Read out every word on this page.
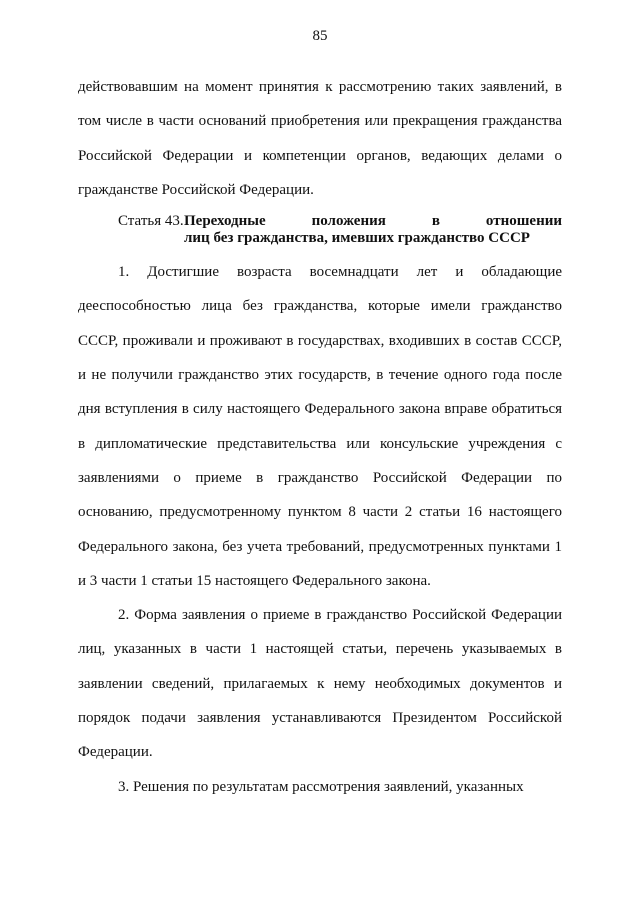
85

действовавшим на момент принятия к рассмотрению таких заявлений, в том числе в части оснований приобретения или прекращения гражданства Российской Федерации и компетенции органов, ведающих делами о гражданстве Российской Федерации.

Статья 43. Переходные положения в отношении
лиц без гражданства, имевших гражданство СССР

1. Достигшие возраста восемнадцати лет и обладающие дееспособностью лица без гражданства, которые имели гражданство СССР, проживали и проживают в государствах, входивших в состав СССР, и не получили гражданство этих государств, в течение одного года после дня вступления в силу настоящего Федерального закона вправе обратиться в дипломатические представительства или консульские учреждения с заявлениями о приеме в гражданство Российской Федерации по основанию, предусмотренному пунктом 8 части 2 статьи 16 настоящего Федерального закона, без учета требований, предусмотренных пунктами 1 и 3 части 1 статьи 15 настоящего Федерального закона.

2. Форма заявления о приеме в гражданство Российской Федерации лиц, указанных в части 1 настоящей статьи, перечень указываемых в заявлении сведений, прилагаемых к нему необходимых документов и порядок подачи заявления устанавливаются Президентом Российской Федерации.

3. Решения по результатам рассмотрения заявлений, указанных
